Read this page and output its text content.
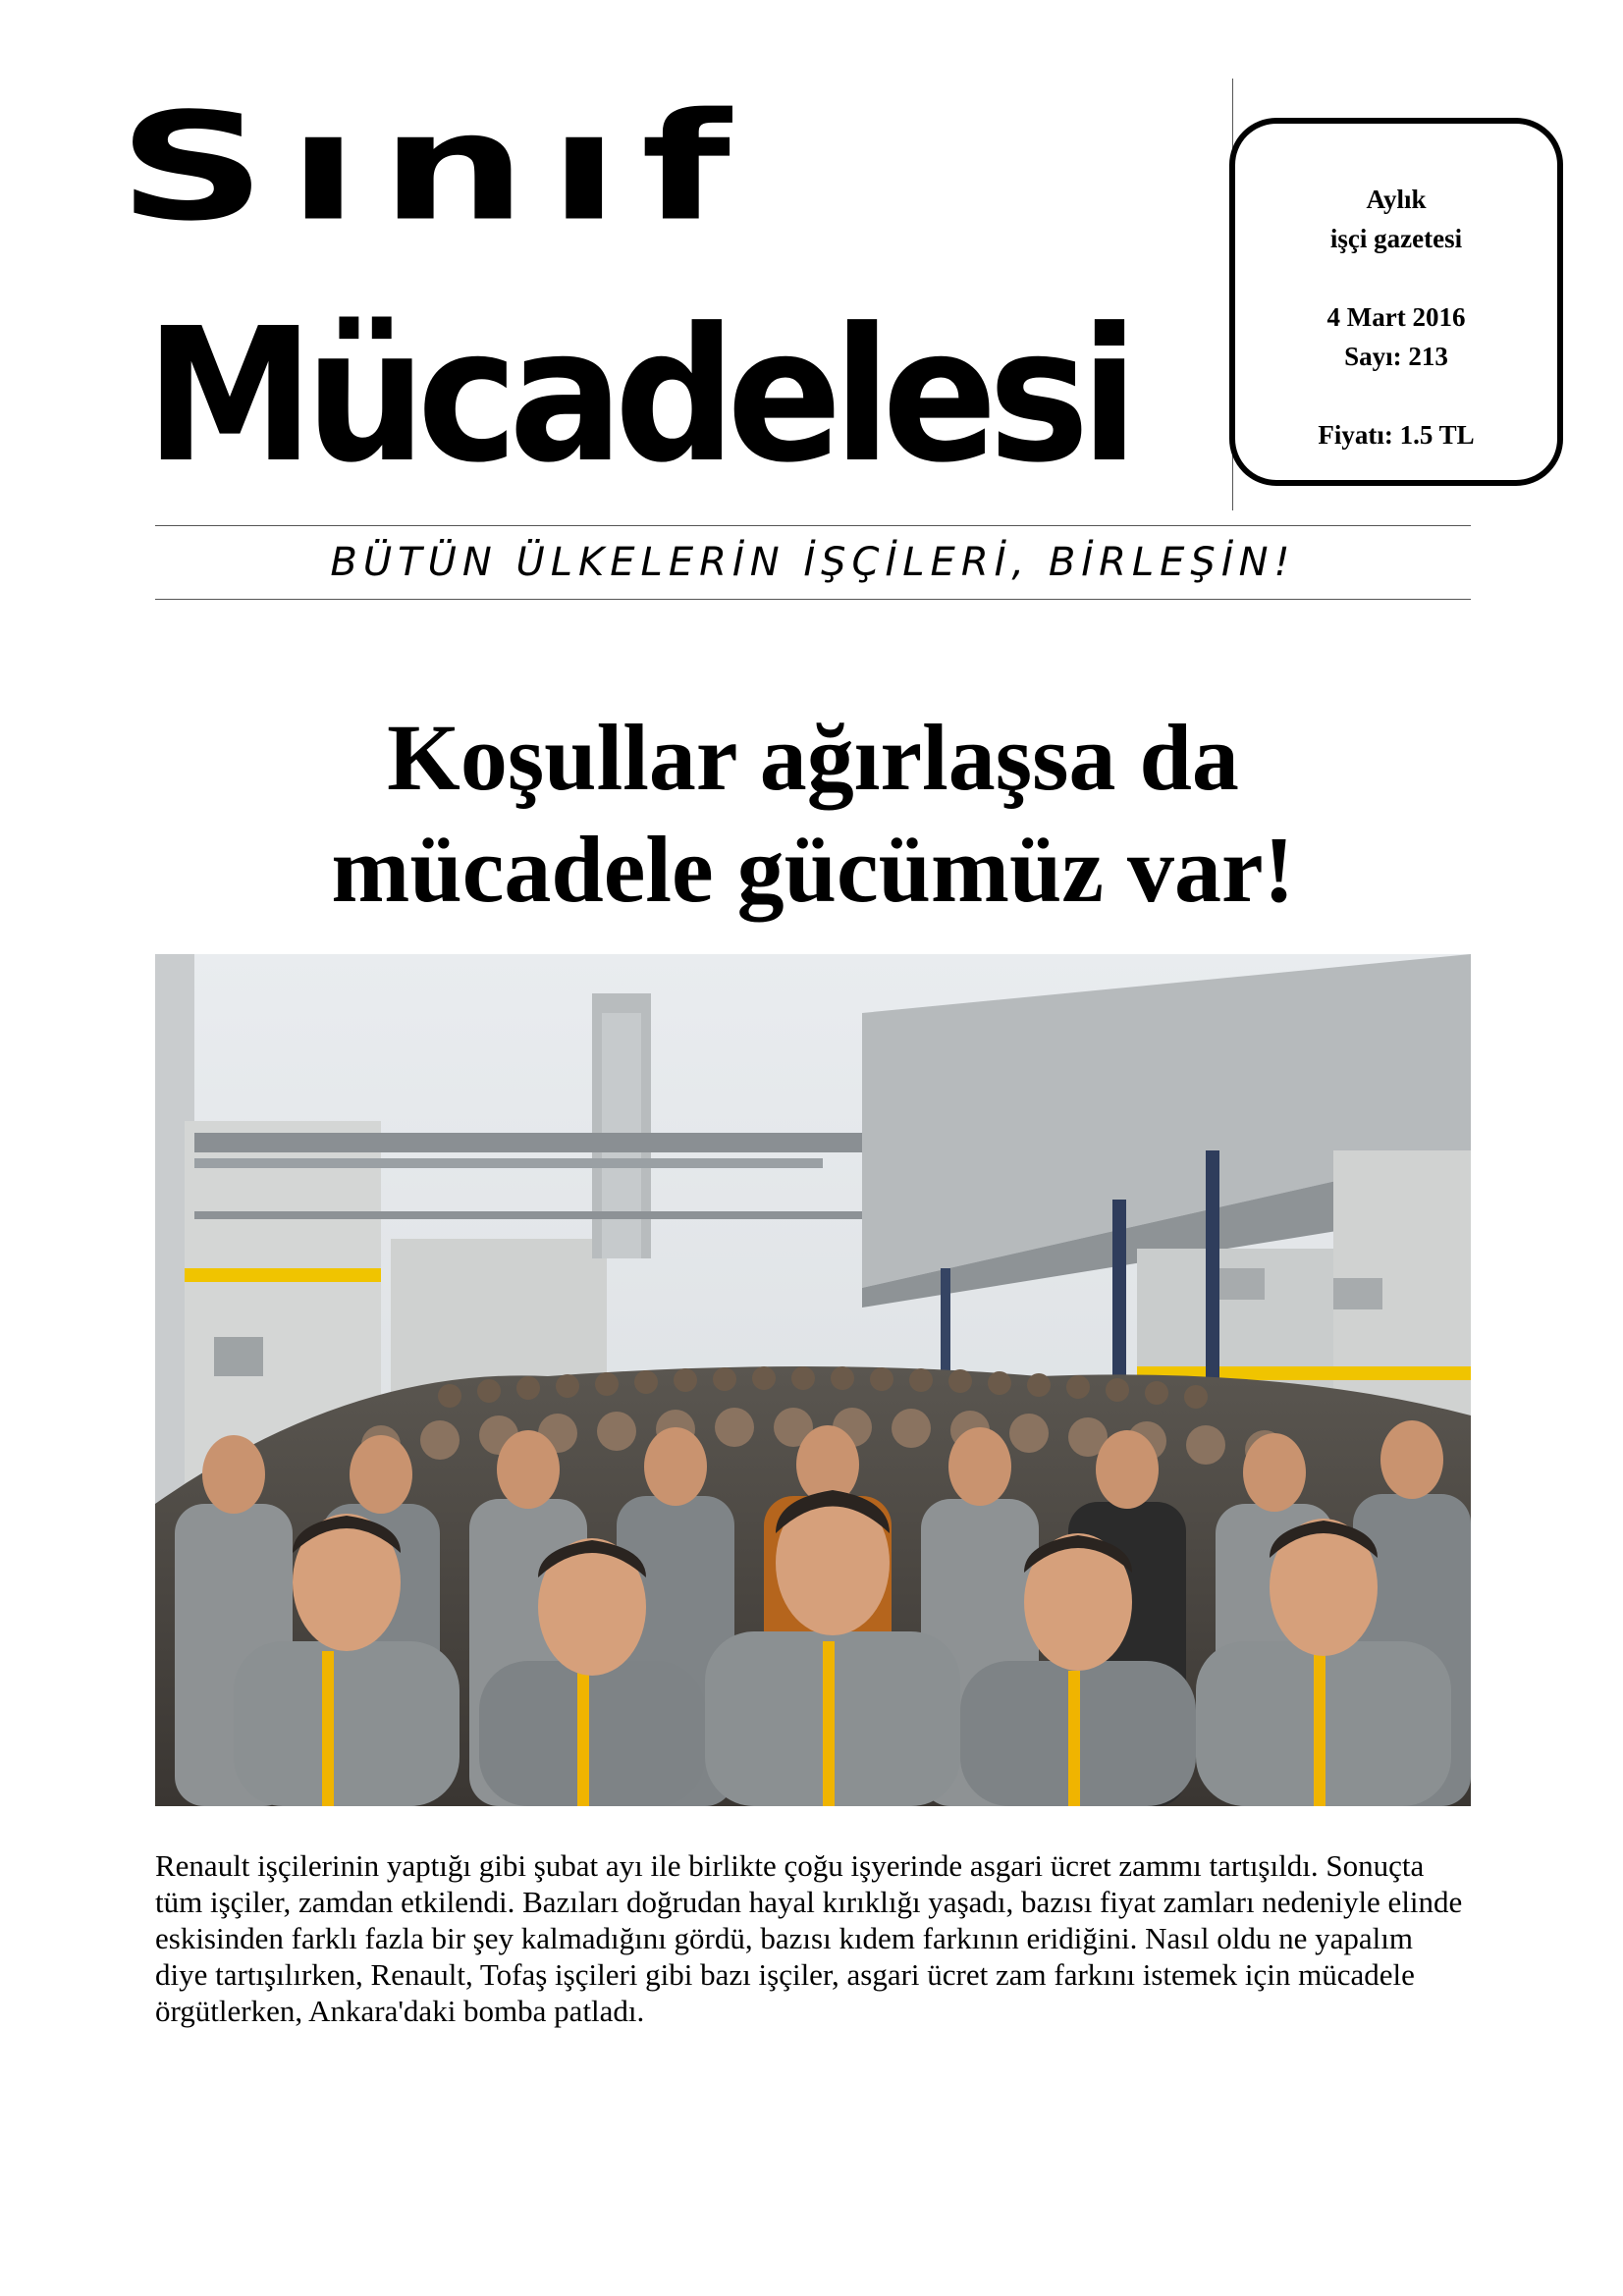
Sınıf
Mücadelesi
Aylık
işçi gazetesi
4 Mart 2016
Sayı: 213
Fiyatı: 1.5 TL
BÜTÜN ÜLKELERİN İŞÇİLERİ, BİRLEŞİN!
Koşullar ağırlaşsa da
mücadele gücümüz var!
Renault işçilerinin yaptığı gibi şubat ayı ile birlikte çoğu işyerinde asgari ücret zammı tartışıldı. Sonuçta tüm işçiler, zamdan etkilendi. Bazıları doğrudan hayal kırıklığı yaşadı, bazısı fiyat zamları nedeniyle elinde eskisinden farklı fazla bir şey kalmadığını gördü, bazısı kıdem farkının eridiğini. Nasıl oldu ne yapalım diye tartışılırken, Renault, Tofaş işçileri gibi bazı işçiler, asgari ücret zam farkını istemek için mücadele örgütlerken, Ankara'daki bomba patladı.
